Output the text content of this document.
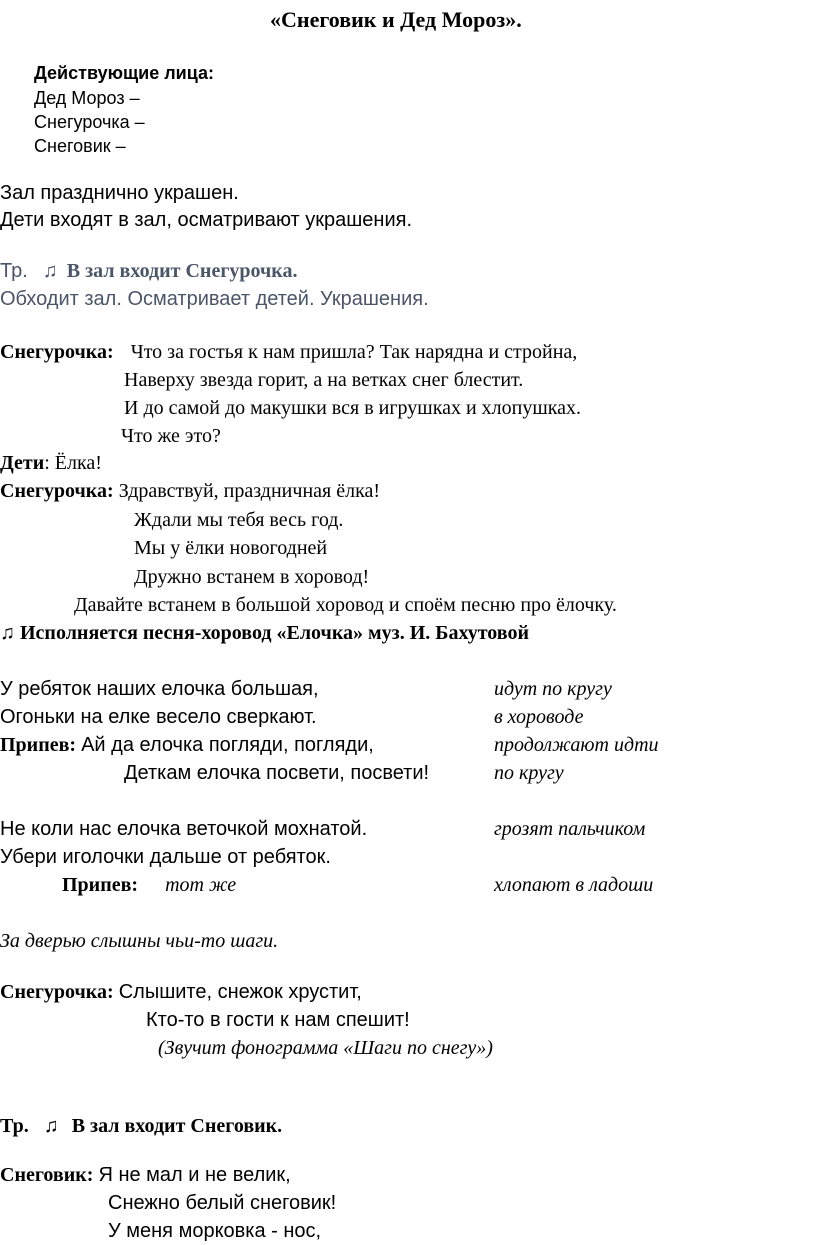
«Снеговик и Дед Мороз».
Действующие лица:
Дед Мороз –
Снегурочка –
Снеговик –
Зал празднично украшен.
Дети входят в зал, осматривают украшения.
Тр. ♫ В зал входит Снегурочка.
Обходит зал. Осматривает детей. Украшения.
Снегурочка: Что за гостья к нам пришла? Так нарядна и стройна,
Наверху звезда горит, а на ветках снег блестит.
И до самой до макушки вся в игрушках и хлопушках.
Что же это?
Дети: Ёлка!
Снегурочка: Здравствуй, праздничная ёлка!
Ждали мы тебя весь год.
Мы у ёлки новогодней
Дружно встанем в хоровод!
Давайте встанем в большой хоровод и споём песню про ёлочку.
♫ Исполняется песня-хоровод «Елочка» муз. И. Бахутовой
У ребяток наших елочка большая,
Огоньки на елке весело сверкают.
Припев: Ай да елочка погляди, погляди,
Деткам елочка посвети, посвети!
Не коли нас елочка веточкой мохнатой.
Убери иголочки дальше от ребяток.
Припев: тот же
идут по кругу
в хороводе
продолжают идти
по кругу
грозят пальчиком
хлопают в ладоши
За дверью слышны чьи-то шаги.
Снегурочка: Слышите, снежок хрустит,
Кто-то в гости к нам спешит!
(Звучит фонограмма «Шаги по снегу»)
Тр. ♫ В зал входит Снеговик.
Снеговик: Я не мал и не велик,
Снежно белый снеговик!
У меня морковка - нос,
